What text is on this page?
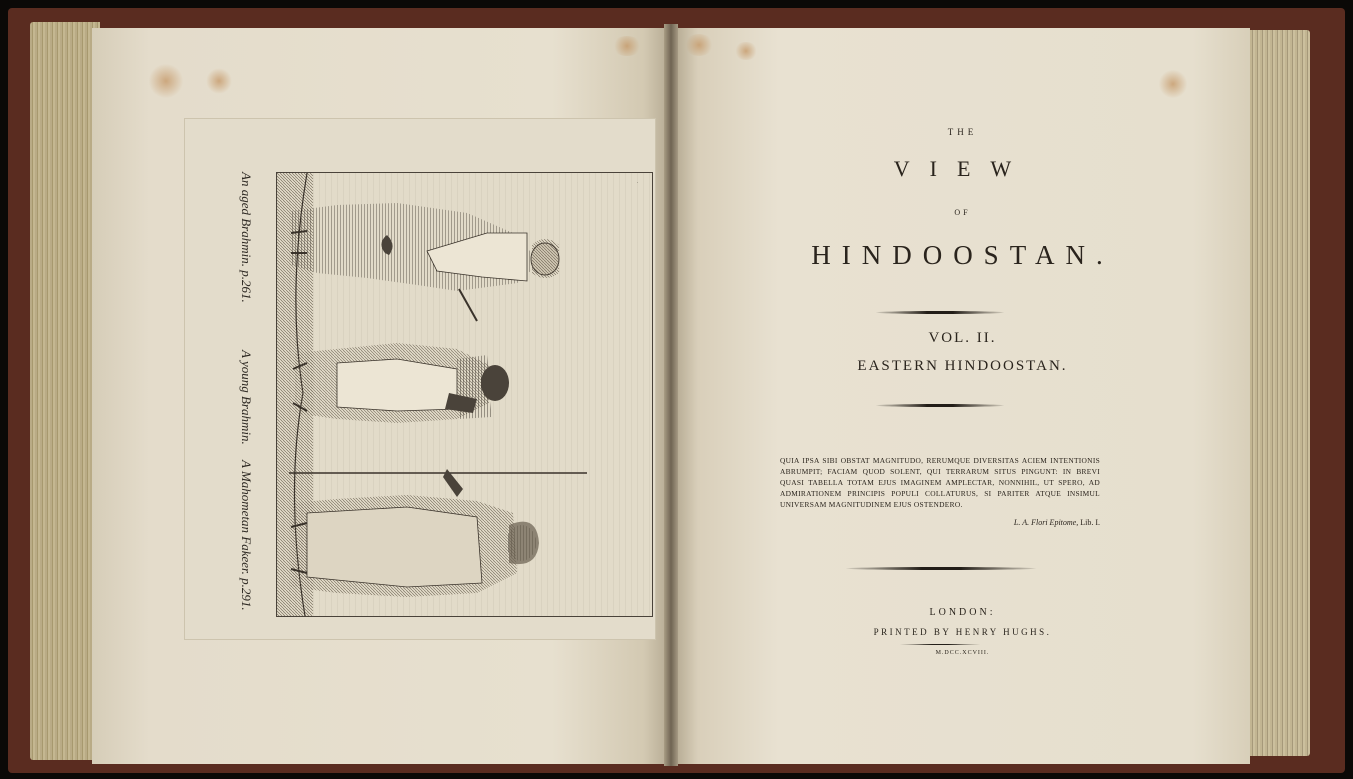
'
An aged Brahmin. p.261.
A young Brahmin.
A Mahometan Fakeer. p.291.
THE
VIEW
OF
HINDOOSTAN.
VOL. II.
EASTERN HINDOOSTAN.
QUIA IPSA SIBI OBSTAT MAGNITUDO, RERUMQUE DIVERSITAS ACIEM INTENTIONIS ABRUMPIT; FACIAM QUOD SOLENT, QUI TERRARUM SITUS PINGUNT: IN BREVI QUASI TABELLA TOTAM EJUS IMAGINEM AMPLECTAR, NONNIHIL, UT SPERO, AD ADMIRATIONEM PRINCIPIS POPULI COLLATURUS, SI PARITER ATQUE INSIMUL UNIVERSAM MAGNITUDINEM EJUS OSTENDERO.
L. A. Flori Epitome, Lib. I.
LONDON:
PRINTED BY HENRY HUGHS.
M.DCC.XCVIII.
